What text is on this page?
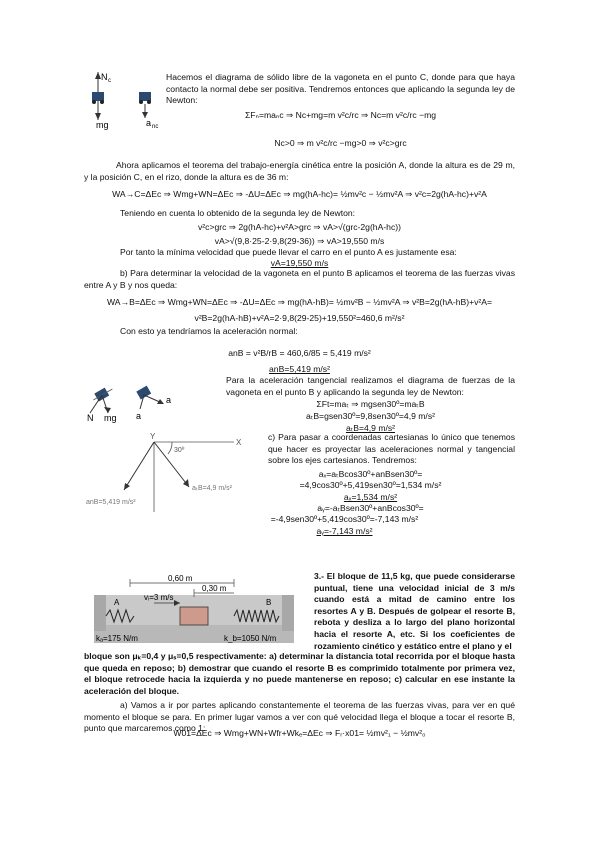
N c
mg	a nc
Hacemos el diagrama de sólido libre de la vagoneta en el punto C, donde para que haya contacto la normal debe ser positiva. Tendremos entonces que aplicando la segunda ley de Newton:
ΣFₙ=maₙc ⇒ Nc+mg=m v²c/rc ⇒ Nc=m v²c/rc −mg
Nc>0 ⇒ m v²c/rc −mg>0 ⇒ v²c>grc
Ahora aplicamos el teorema del trabajo-energía cinética entre la posición A, donde la altura es de 29 m, y la posición C, en el rizo, donde la altura es de 36 m:
WA→C=ΔEc ⇒ Wmg+WN=ΔEc ⇒ -ΔU=ΔEc ⇒ mg(hA-hc)= ½mv²c − ½mv²A ⇒ v²c=2g(hA-hc)+v²A
Teniendo en cuenta lo obtenido de la segunda ley de Newton:
v²c>grc ⇒ 2g(hA-hc)+v²A>grc ⇒ vA>√(grc-2g(hA-hc))
vA>√(9,8·25-2·9,8(29-36)) ⇒ vA>19,550 m/s
Por tanto la mínima velocidad que puede llevar el carro en el punto A es justamente esa:
vA=19,550 m/s
b) Para determinar la velocidad de la vagoneta en el punto B aplicamos el teorema de las fuerzas vivas entre A y B y nos queda:
WA→B=ΔEc ⇒ Wmg+WN=ΔEc ⇒ -ΔU=ΔEc ⇒ mg(hA-hB)= ½mv²B − ½mv²A ⇒ v²B=2g(hA-hB)+v²A=
v²B=2g(hA-hB)+v²A=2·9,8(29-25)+19,550²=460,6 m²/s²
Con esto ya tendríamos la aceleración normal:
anB = v²B/rB = 460,6/85 = 5,419 m/s²
anB=5,419 m/s²
N mg a
a
Para la aceleración tangencial realizamos el diagrama de fuerzas de la vagoneta en el punto B y aplicando la segunda ley de Newton:
ΣFt=maₜ ⇒ mgsen30º=maₜB
aₜB=gsen30º=9,8sen30º=4,9 m/s²
aₜB=4,9 m/s²
Y
X
30º
aₜB=4,9 m/s²
anB=5,419 m/s²
c) Para pasar a coordenadas cartesianas lo único que tenemos que hacer es proyectar las aceleraciones normal y tangencial sobre los ejes cartesianos. Tendremos:
aₓ=aₜBcos30º+anBsen30º=
=4,9cos30º+5,419sen30º=1,534 m/s²
aₓ=1,534 m/s²
aᵧ=-aₜBsen30º+anBcos30º=
=-4,9sen30º+5,419cos30º=-7,143 m/s²
aᵧ=-7,143 m/s²
0,60 m
0,30 m
vᵢ=3 m/s
A	B
kₐ=175 N/m	k_b=1050 N/m
3.- El bloque de 11,5 kg, que puede considerarse puntual, tiene una velocidad inicial de 3 m/s cuando está a mitad de camino entre los resortes A y B. Después de golpear el resorte B, rebota y desliza a lo largo del plano horizontal hacia el resorte A, etc. Si los coeficientes de rozamiento cinético y estático entre el plano y el
bloque son μₖ=0,4 y μₛ=0,5 respectivamente: a) determinar la distancia total recorrida por el bloque hasta que queda en reposo; b) demostrar que cuando el resorte B es comprimido totalmente por primera vez, el bloque retrocede hacia la izquierda y no puede mantenerse en reposo; c) calcular en ese instante la aceleración del bloque.
a) Vamos a ir por partes aplicando constantemente el teorema de las fuerzas vivas, para ver en qué momento el bloque se para. En primer lugar vamos a ver con qué velocidad llega el bloque a tocar el resorte B, punto que marcaremos como 1:
W01=ΔEc ⇒ Wmg+WN+Wfr+Wkₑ=ΔEc ⇒ Fᵣ·x01= ½mv²₁ − ½mv²₀
